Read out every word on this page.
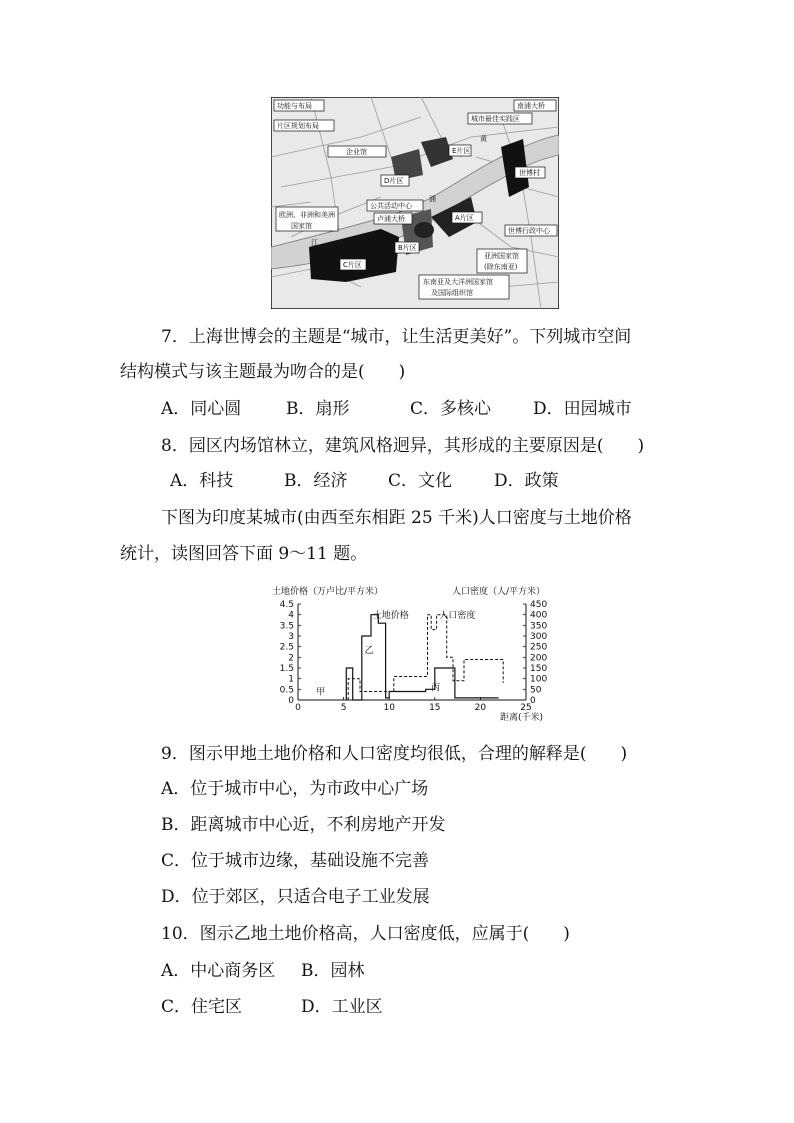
功能与布局
片区规划布局
南浦大桥
城市最佳实践区
E片区
黄
企业馆
D片区
世博村
公共活动中心
浦
卢浦大桥	A片区
欧洲、非洲和美洲
国家馆
世博行政中心
江
B片区
亚洲国家馆
(除东南亚)
C片区
东南亚及大洋洲国家馆
及国际组织馆
7．上海世博会的主题是“城市，让生活更美好”。下列城市空间
结构模式与该主题最为吻合的是(　　)
A．同心圆	B．扇形	C．多核心 D．田园城市
8．园区内场馆林立，建筑风格迥异，其形成的主要原因是(　　)
A．科技	B．经济 C．文化 D．政策
下图为印度某城市(由西至东相距 25 千米)人口密度与土地价格
统计，读图回答下面 9～11 题。
土地价格（万卢比/平方米）	人口密度（人/平方米）
距离(千米)
0
0.5
1
1.5
2
2.5
3
3.5
4
4.5
0
50
100
150
200
250
300
350
400
450
0	5	10	15	20	25
甲
乙
丙
土地价格	人口密度
9．图示甲地土地价格和人口密度均很低，合理的解释是(　　)
A．位于城市中心，为市政中心广场
B．距离城市中心近，不利房地产开发
C．位于城市边缘，基础设施不完善
D．位于郊区，只适合电子工业发展
10．图示乙地土地价格高，人口密度低，应属于(　　)
A．中心商务区 B．园林
C．住宅区	D．工业区
